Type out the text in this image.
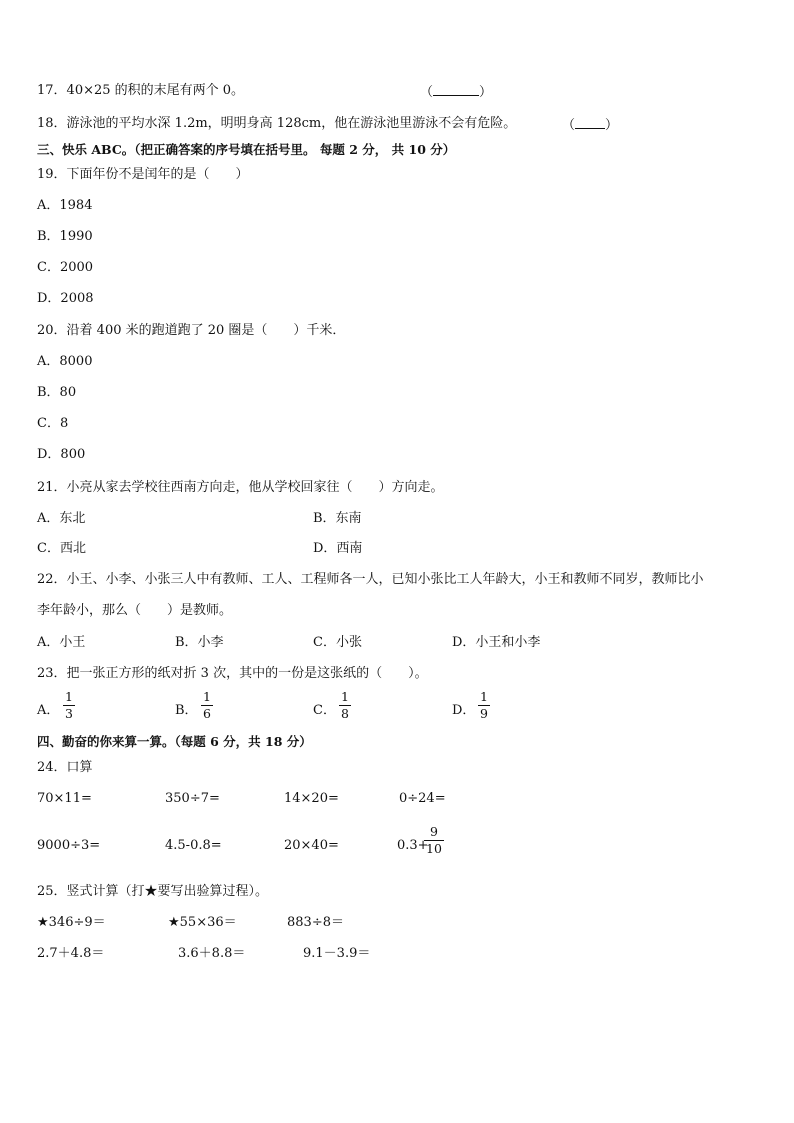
17．40×25 的积的末尾有两个 0。	（	）
18．游泳池的平均水深 1.2m，明明身高 128cm，他在游泳池里游泳不会有危险。	（ ）
三、快乐 ABC。（把正确答案的序号填在括号里。 每题 2 分， 共 10 分）
19．下面年份不是闰年的是（　　）
A．1984
B．1990
C．2000
D．2008
20．沿着 400 米的跑道跑了 20 圈是（　　）千米．
A．8000
B．80
C．8
D．800
21．小亮从家去学校往西南方向走，他从学校回家往（　　）方向走。
A．东北	B．东南
C．西北	D．西南
22．小王、小李、小张三人中有教师、工人、工程师各一人，已知小张比工人年龄大，小王和教师不同岁，教师比小
李年龄小，那么（　　）是教师。
A．小王	B．小李	C．小张	D．小王和小李
23．把一张正方形的纸对折 3 次，其中的一份是这张纸的（　　）。
A．
1
3	B．
1
6	C．
1
8	D．
1
9
四、勤奋的你来算一算。（每题 6 分，共 18 分）
24．口算
70×11=	350÷7=	14×20=	0÷24=
9000÷3=	4.5-0.8=	20×40=	0.3+
9
10
25．竖式计算（打★要写出验算过程）。
★346÷9＝	★55×36＝	883÷8＝
2.7＋4.8＝	3.6＋8.8＝	9.1－3.9＝
